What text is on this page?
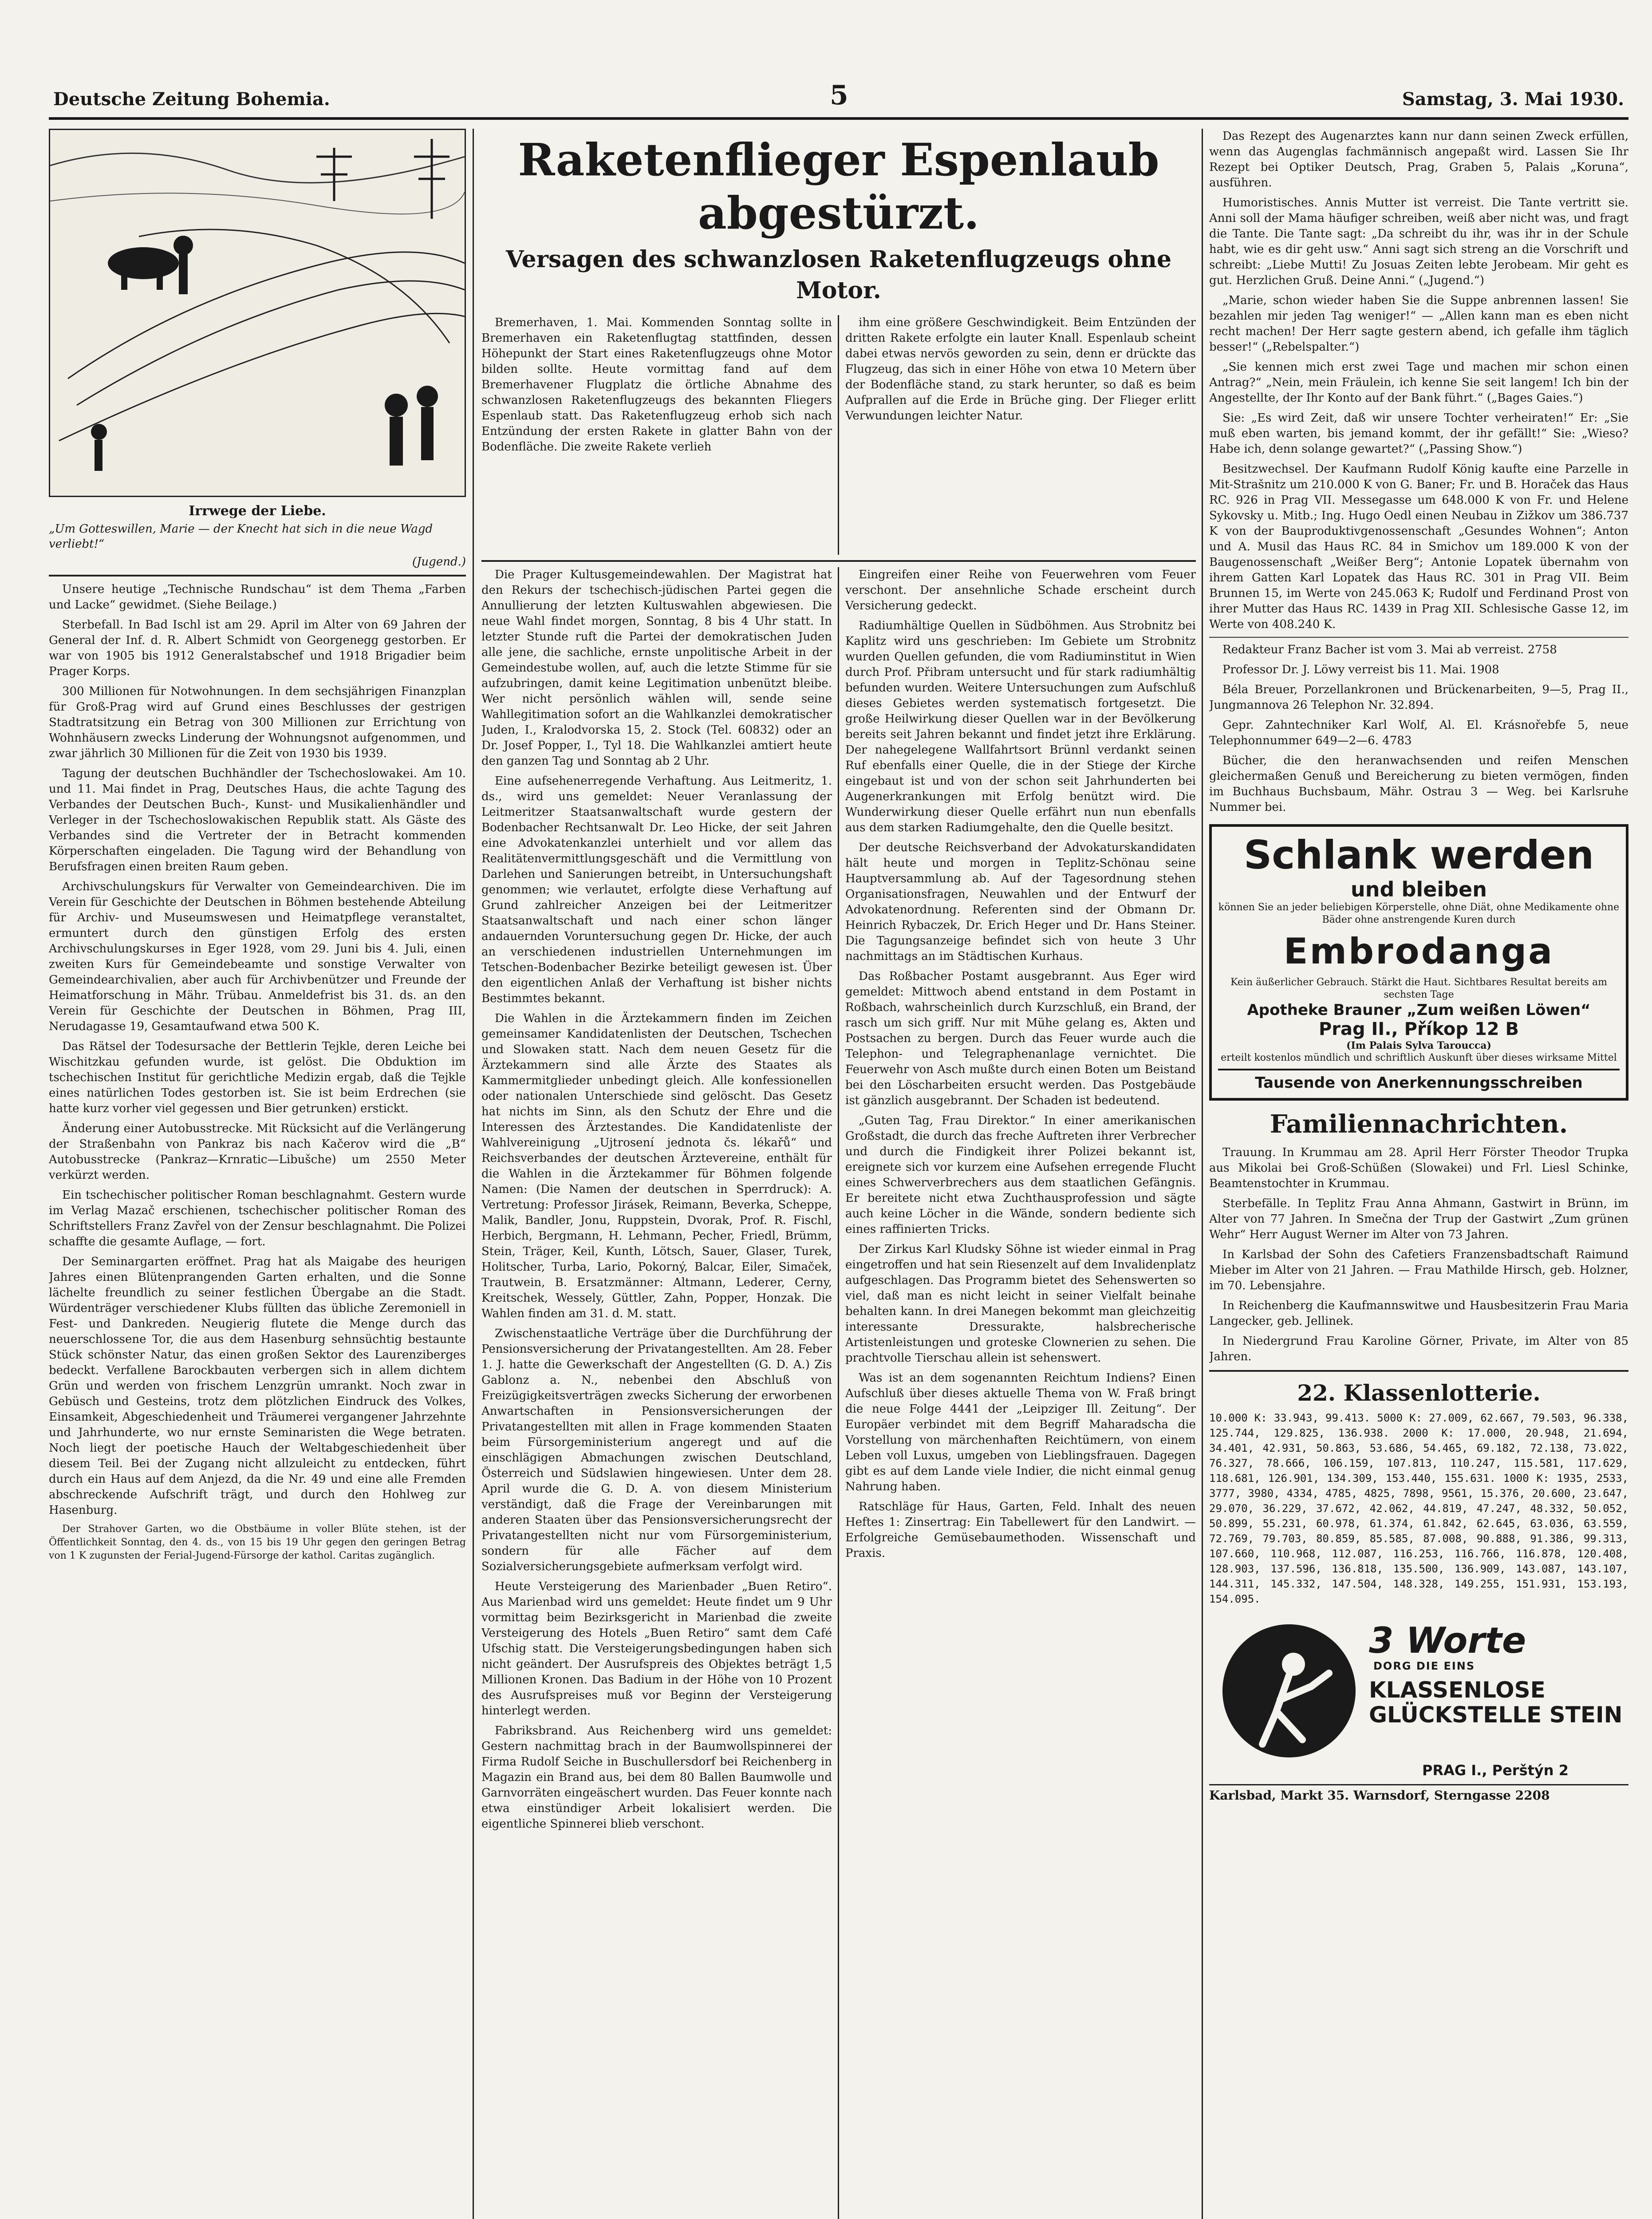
Deutsche Zeitung Bohemia.	5	Samstag, 3. Mai 1930.
Irrwege der Liebe.
„Um Gotteswillen, Marie — der Knecht hat sich in die neue Wagd verliebt!“
(Jugend.)

Unsere heutige „Technische Rundschau“ ist dem Thema „Farben und Lacke“ gewidmet. (Siehe Beilage.)

Sterbefall. In Bad Ischl ist am 29. April im Alter von 69 Jahren der General der Inf. d. R. Albert Schmidt von Georgenegg gestorben. Er war von 1905 bis 1912 Generalstabschef und 1918 Brigadier beim Prager Korps.

300 Millionen für Notwohnungen. In dem sechsjährigen Finanzplan für Groß-Prag wird auf Grund eines Beschlusses der gestrigen Stadtratsitzung ein Betrag von 300 Millionen zur Errichtung von Wohnhäusern zwecks Linderung der Wohnungsnot aufgenommen, und zwar jährlich 30 Millionen für die Zeit von 1930 bis 1939.

Tagung der deutschen Buchhändler der Tschechoslowakei. Am 10. und 11. Mai findet in Prag, Deutsches Haus, die achte Tagung des Verbandes der Deutschen Buch-, Kunst- und Musikalienhändler und Verleger in der Tschechoslowakischen Republik statt. Als Gäste des Verbandes sind die Vertreter der in Betracht kommenden Körperschaften eingeladen. Die Tagung wird der Behandlung von Berufsfragen einen breiten Raum geben.

Archivschulungskurs für Verwalter von Gemeindearchiven. Die im Verein für Geschichte der Deutschen in Böhmen bestehende Abteilung für Archiv- und Museumswesen und Heimatpflege veranstaltet, ermuntert durch den günstigen Erfolg des ersten Archivschulungskurses in Eger 1928, vom 29. Juni bis 4. Juli, einen zweiten Kurs für Gemeindebeamte und sonstige Verwalter von Gemeindearchivalien, aber auch für Archivbenützer und Freunde der Heimatforschung in Mähr. Trübau. Anmeldefrist bis 31. ds. an den Verein für Geschichte der Deutschen in Böhmen, Prag III, Nerudagasse 19, Gesamtaufwand etwa 500 K.

Das Rätsel der Todesursache der Bettlerin Tejkle, deren Leiche bei Wischitzkau gefunden wurde, ist gelöst. Die Obduktion im tschechischen Institut für gerichtliche Medizin ergab, daß die Tejkle eines natürlichen Todes gestorben ist. Sie ist beim Erdrechen (sie hatte kurz vorher viel gegessen und Bier getrunken) erstickt.

Änderung einer Autobusstrecke. Mit Rücksicht auf die Verlängerung der Straßenbahn von Pankraz bis nach Kačerov wird die „B“ Autobusstrecke (Pankraz—Krnratic—Libušche) um 2550 Meter verkürzt werden.

Ein tschechischer politischer Roman beschlagnahmt. Gestern wurde im Verlag Mazač erschienen, tschechischer politischer Roman des Schriftstellers Franz Zavřel von der Zensur beschlagnahmt. Die Polizei schaffte die gesamte Auflage, — fort.

Der Seminargarten eröffnet. Prag hat als Maigabe des heurigen Jahres einen Blütenprangenden Garten erhalten, und die Sonne lächelte freundlich zu seiner festlichen Übergabe an die Stadt. Würdenträger verschiedener Klubs füllten das übliche Zeremoniell in Fest- und Dankreden. Neugierig flutete die Menge durch das neuerschlossene Tor, die aus dem Hasenburg sehnsüchtig bestaunte Stück schönster Natur, das einen großen Sektor des Laurenziberges bedeckt. Verfallene Barockbauten verbergen sich in allem dichtem Grün und werden von frischem Lenzgrün umrankt. Noch zwar in Gebüsch und Gesteins, trotz dem plötzlichen Eindruck des Volkes, Einsamkeit, Abgeschiedenheit und Träumerei vergangener Jahrzehnte und Jahrhunderte, wo nur ernste Seminaristen die Wege betraten. Noch liegt der poetische Hauch der Weltabgeschiedenheit über diesem Teil. Bei der Zugang nicht allzuleicht zu entdecken, führt durch ein Haus auf dem Anjezd, da die Nr. 49 und eine alle Fremden abschreckende Aufschrift trägt, und durch den Hohlweg zur Hasenburg.

Der Strahover Garten, wo die Obstbäume in voller Blüte stehen, ist der Öffentlichkeit Sonntag, den 4. ds., von 15 bis 19 Uhr gegen den geringen Betrag von 1 K zugunsten der Ferial-Jugend-Fürsorge der kathol. Caritas zugänglich.

Raketenflieger Espenlaub abgestürzt.
Versagen des schwanzlosen Raketenflugzeugs ohne Motor.

Bremerhaven, 1. Mai. Kommenden Sonntag sollte in Bremerhaven ein Raketenflugtag stattfinden, dessen Höhepunkt der Start eines Raketenflugzeugs ohne Motor bilden sollte. Heute vormittag fand auf dem Bremerhavener Flugplatz die örtliche Abnahme des schwanzlosen Raketenflugzeugs des bekannten Fliegers Espenlaub statt. Das Raketenflugzeug erhob sich nach Entzündung der ersten Rakete in glatter Bahn von der Bodenfläche. Die zweite Rakete verlieh

ihm eine größere Geschwindigkeit. Beim Entzünden der dritten Rakete erfolgte ein lauter Knall. Espenlaub scheint dabei etwas nervös geworden zu sein, denn er drückte das Flugzeug, das sich in einer Höhe von etwa 10 Metern über der Bodenfläche stand, zu stark herunter, so daß es beim Aufprallen auf die Erde in Brüche ging. Der Flieger erlitt Verwundungen leichter Natur.

Die Prager Kultusgemeindewahlen. Der Magistrat hat den Rekurs der tschechisch-jüdischen Partei gegen die Annullierung der letzten Kultuswahlen abgewiesen. Die neue Wahl findet morgen, Sonntag, 8 bis 4 Uhr statt. In letzter Stunde ruft die Partei der demokratischen Juden alle jene, die sachliche, ernste unpolitische Arbeit in der Gemeindestube wollen, auf, auch die letzte Stimme für sie aufzubringen, damit keine Legitimation unbenützt bleibe. Wer nicht persönlich wählen will, sende seine Wahllegitimation sofort an die Wahlkanzlei demokratischer Juden, I., Kralodvorska 15, 2. Stock (Tel. 60832) oder an Dr. Josef Popper, I., Tyl 18. Die Wahlkanzlei amtiert heute den ganzen Tag und Sonntag ab 2 Uhr.

Eine aufsehenerregende Verhaftung. Aus Leitmeritz, 1. ds., wird uns gemeldet: Neuer Veranlassung der Leitmeritzer Staatsanwaltschaft wurde gestern der Bodenbacher Rechtsanwalt Dr. Leo Hicke, der seit Jahren eine Advokatenkanzlei unterhielt und vor allem das Realitätenvermittlungsgeschäft und die Vermittlung von Darlehen und Sanierungen betreibt, in Untersuchungshaft genommen; wie verlautet, erfolgte diese Verhaftung auf Grund zahlreicher Anzeigen bei der Leitmeritzer Staatsanwaltschaft und nach einer schon länger andauernden Voruntersuchung gegen Dr. Hicke, der auch an verschiedenen industriellen Unternehmungen im Tetschen-Bodenbacher Bezirke beteiligt gewesen ist. Über den eigentlichen Anlaß der Verhaftung ist bisher nichts Bestimmtes bekannt.

Die Wahlen in die Ärztekammern finden im Zeichen gemeinsamer Kandidatenlisten der Deutschen, Tschechen und Slowaken statt. Nach dem neuen Gesetz für die Ärztekammern sind alle Ärzte des Staates als Kammermitglieder unbedingt gleich. Alle konfessionellen oder nationalen Unterschiede sind gelöscht. Das Gesetz hat nichts im Sinn, als den Schutz der Ehre und die Interessen des Ärztestandes. Die Kandidatenliste der Wahlvereinigung „Ujtrosení jednota čs. lékařů“ und Reichsverbandes der deutschen Ärztevereine, enthält für die Wahlen in die Ärztekammer für Böhmen folgende Namen: (Die Namen der deutschen in Sperrdruck): A. Vertretung: Professor Jirásek, Reimann, Beverka, Scheppe, Malik, Bandler, Jonu, Ruppstein, Dvorak, Prof. R. Fischl, Herbich, Bergmann, H. Lehmann, Pecher, Friedl, Brümm, Stein, Träger, Keil, Kunth, Lötsch, Sauer, Glaser, Turek, Holitscher, Turba, Lario, Pokorný, Balcar, Eiler, Simaček, Trautwein, B. Ersatzmänner: Altmann, Lederer, Cerny, Kreitschek, Wessely, Güttler, Zahn, Popper, Honzak. Die Wahlen finden am 31. d. M. statt.

Zwischenstaatliche Verträge über die Durchführung der Pensionsversicherung der Privatangestellten. Am 28. Feber 1. J. hatte die Gewerkschaft der Angestellten (G. D. A.) Zis Gablonz a. N., nebenbei den Abschluß von Freizügigkeitsverträgen zwecks Sicherung der erworbenen Anwartschaften in Pensionsversicherungen der Privatangestellten mit allen in Frage kommenden Staaten beim Fürsorgeministerium angeregt und auf die einschlägigen Abmachungen zwischen Deutschland, Österreich und Südslawien hingewiesen. Unter dem 28. April wurde die G. D. A. von diesem Ministerium verständigt, daß die Frage der Vereinbarungen mit anderen Staaten über das Pensionsversicherungsrecht der Privatangestellten nicht nur vom Fürsorgeministerium, sondern für alle Fächer auf dem Sozialversicherungsgebiete aufmerksam verfolgt wird.

Heute Versteigerung des Marienbader „Buen Retiro“. Aus Marienbad wird uns gemeldet: Heute findet um 9 Uhr vormittag beim Bezirksgericht in Marienbad die zweite Versteigerung des Hotels „Buen Retiro“ samt dem Café Ufschig statt. Die Versteigerungsbedingungen haben sich nicht geändert. Der Ausrufspreis des Objektes beträgt 1,5 Millionen Kronen. Das Badium in der Höhe von 10 Prozent des Ausrufspreises muß vor Beginn der Versteigerung hinterlegt werden.

Fabriksbrand. Aus Reichenberg wird uns gemeldet: Gestern nachmittag brach in der Baumwollspinnerei der Firma Rudolf Seiche in Buschullersdorf bei Reichenberg in Magazin ein Brand aus, bei dem 80 Ballen Baumwolle und Garnvorräten eingeäschert wurden. Das Feuer konnte nach etwa einstündiger Arbeit lokalisiert werden. Die eigentliche Spinnerei blieb verschont.

Eingreifen einer Reihe von Feuerwehren vom Feuer verschont. Der ansehnliche Schade erscheint durch Versicherung gedeckt.

Radiumhältige Quellen in Südböhmen. Aus Strobnitz bei Kaplitz wird uns geschrieben: Im Gebiete um Strobnitz wurden Quellen gefunden, die vom Radiuminstitut in Wien durch Prof. Přibram untersucht und für stark radiumhältig befunden wurden. Weitere Untersuchungen zum Aufschluß dieses Gebietes werden systematisch fortgesetzt. Die große Heilwirkung dieser Quellen war in der Bevölkerung bereits seit Jahren bekannt und findet jetzt ihre Erklärung. Der nahegelegene Wallfahrtsort Brünnl verdankt seinen Ruf ebenfalls einer Quelle, die in der Stiege der Kirche eingebaut ist und von der schon seit Jahrhunderten bei Augenerkrankungen mit Erfolg benützt wird. Die Wunderwirkung dieser Quelle erfährt nun nun ebenfalls aus dem starken Radiumgehalte, den die Quelle besitzt.

Der deutsche Reichsverband der Advokaturskandidaten hält heute und morgen in Teplitz-Schönau seine Hauptversammlung ab. Auf der Tagesordnung stehen Organisationsfragen, Neuwahlen und der Entwurf der Advokatenordnung. Referenten sind der Obmann Dr. Heinrich Rybaczek, Dr. Erich Heger und Dr. Hans Steiner. Die Tagungsanzeige befindet sich von heute 3 Uhr nachmittags an im Städtischen Kurhaus.

Das Roßbacher Postamt ausgebrannt. Aus Eger wird gemeldet: Mittwoch abend entstand in dem Postamt in Roßbach, wahrscheinlich durch Kurzschluß, ein Brand, der rasch um sich griff. Nur mit Mühe gelang es, Akten und Postsachen zu bergen. Durch das Feuer wurde auch die Telephon- und Telegraphenanlage vernichtet. Die Feuerwehr von Asch mußte durch einen Boten um Beistand bei den Löscharbeiten ersucht werden. Das Postgebäude ist gänzlich ausgebrannt. Der Schaden ist bedeutend.

„Guten Tag, Frau Direktor.“ In einer amerikanischen Großstadt, die durch das freche Auftreten ihrer Verbrecher und durch die Findigkeit ihrer Polizei bekannt ist, ereignete sich vor kurzem eine Aufsehen erregende Flucht eines Schwerverbrechers aus dem staatlichen Gefängnis. Er bereitete nicht etwa Zuchthausprofession und sägte auch keine Löcher in die Wände, sondern bediente sich eines raffinierten Tricks.

Der Zirkus Karl Kludsky Söhne ist wieder einmal in Prag eingetroffen und hat sein Riesenzelt auf dem Invalidenplatz aufgeschlagen. Das Programm bietet des Sehenswerten so viel, daß man es nicht leicht in seiner Vielfalt beinahe behalten kann. In drei Manegen bekommt man gleichzeitig interessante Dressurakte, halsbrecherische Artistenleistungen und groteske Clownerien zu sehen. Die prachtvolle Tierschau allein ist sehenswert.

Was ist an dem sogenannten Reichtum Indiens? Einen Aufschluß über dieses aktuelle Thema von W. Fraß bringt die neue Folge 4441 der „Leipziger Ill. Zeitung“. Der Europäer verbindet mit dem Begriff Maharadscha die Vorstellung von märchenhaften Reichtümern, von einem Leben voll Luxus, umgeben von Lieblingsfrauen. Dagegen gibt es auf dem Lande viele Indier, die nicht einmal genug Nahrung haben.

Ratschläge für Haus, Garten, Feld. Inhalt des neuen Heftes 1: Zinsertrag: Ein Tabellewert für den Landwirt. — Erfolgreiche Gemüsebaumethoden. Wissenschaft und Praxis.

Das Rezept des Augenarztes kann nur dann seinen Zweck erfüllen, wenn das Augenglas fachmännisch angepaßt wird. Lassen Sie Ihr Rezept bei Optiker Deutsch, Prag, Graben 5, Palais „Koruna“, ausführen.

Humoristisches. Annis Mutter ist verreist. Die Tante vertritt sie. Anni soll der Mama häufiger schreiben, weiß aber nicht was, und fragt die Tante. Die Tante sagt: „Da schreibt du ihr, was ihr in der Schule habt, wie es dir geht usw.“ Anni sagt sich streng an die Vorschrift und schreibt: „Liebe Mutti! Zu Josuas Zeiten lebte Jerobeam. Mir geht es gut. Herzlichen Gruß. Deine Anni.“ („Jugend.“)

„Marie, schon wieder haben Sie die Suppe anbrennen lassen! Sie bezahlen mir jeden Tag weniger!“ — „Allen kann man es eben nicht recht machen! Der Herr sagte gestern abend, ich gefalle ihm täglich besser!“ („Rebelspalter.“)

„Sie kennen mich erst zwei Tage und machen mir schon einen Antrag?“ „Nein, mein Fräulein, ich kenne Sie seit langem! Ich bin der Angestellte, der Ihr Konto auf der Bank führt.“ („Bages Gaies.“)

Sie: „Es wird Zeit, daß wir unsere Tochter verheiraten!“ Er: „Sie muß eben warten, bis jemand kommt, der ihr gefällt!“ Sie: „Wieso? Habe ich, denn solange gewartet?“ („Passing Show.“)

Besitzwechsel. Der Kaufmann Rudolf König kaufte eine Parzelle in Mit-Strašnitz um 210.000 K von G. Baner; Fr. und B. Horaček das Haus RC. 926 in Prag VII. Messegasse um 648.000 K von Fr. und Helene Sykovsky u. Mitb.; Ing. Hugo Oedl einen Neubau in Zižkov um 386.737 K von der Bauproduktivgenossenschaft „Gesundes Wohnen“; Anton und A. Musil das Haus RC. 84 in Smichov um 189.000 K von der Baugenossenschaft „Weißer Berg“; Antonie Lopatek übernahm von ihrem Gatten Karl Lopatek das Haus RC. 301 in Prag VII. Beim Brunnen 15, im Werte von 245.063 K; Rudolf und Ferdinand Prost von ihrer Mutter das Haus RC. 1439 in Prag XII. Schlesische Gasse 12, im Werte von 408.240 K.

Redakteur Franz Bacher ist vom 3. Mai ab verreist. 2758

Professor Dr. J. Löwy verreist bis 11. Mai. 1908

Béla Breuer, Porzellankronen und Brückenarbeiten, 9—5, Prag II., Jungmannova 26 Telephon Nr. 32.894.

Gepr. Zahntechniker Karl Wolf, Al. El. Krásnořebfe 5, neue Telephonnummer 649—2—6. 4783

Bücher, die den heranwachsenden und reifen Menschen gleichermaßen Genuß und Bereicherung zu bieten vermögen, finden im Buchhaus Buchsbaum, Mähr. Ostrau 3 — Weg. bei Karlsruhe Nummer bei.

Schlank werden
und bleiben
können Sie an jeder beliebigen Körperstelle, ohne Diät, ohne Medikamente ohne Bäder ohne anstrengende Kuren durch
Embrodanga
Kein äußerlicher Gebrauch. Stärkt die Haut. Sichtbares Resultat bereits am sechsten Tage
Apotheke Brauner „Zum weißen Löwen“
Prag II., Příkop 12 B
(Im Palais Sylva Taroucca)
erteilt kostenlos mündlich und schriftlich Auskunft über dieses wirksame Mittel
Tausende von Anerkennungsschreiben
Familiennachrichten.

Trauung. In Krummau am 28. April Herr Förster Theodor Trupka aus Mikolai bei Groß-Schüßen (Slowakei) und Frl. Liesl Schinke, Beamtenstochter in Krummau.

Sterbefälle. In Teplitz Frau Anna Ahmann, Gastwirt in Brünn, im Alter von 77 Jahren. In Smečna der Trup der Gastwirt „Zum grünen Wehr“ Herr August Werner im Alter von 73 Jahren.

In Karlsbad der Sohn des Cafetiers Franzensbadtschaft Raimund Mieber im Alter von 21 Jahren. — Frau Mathilde Hirsch, geb. Holzner, im 70. Lebensjahre.

In Reichenberg die Kaufmannswitwe und Hausbesitzerin Frau Maria Langecker, geb. Jellinek.

In Niedergrund Frau Karoline Görner, Private, im Alter von 85 Jahren.

22. Klassenlotterie.

10.000 K: 33.943, 99.413. 5000 K: 27.009, 62.667, 79.503, 96.338, 125.744, 129.825, 136.938. 2000 K: 17.000, 20.948, 21.694, 34.401, 42.931, 50.863, 53.686, 54.465, 69.182, 72.138, 73.022, 76.327, 78.666, 106.159, 107.813, 110.247, 115.581, 117.629, 118.681, 126.901, 134.309, 153.440, 155.631. 1000 K: 1935, 2533, 3777, 3980, 4334, 4785, 4825, 7898, 9561, 15.376, 20.600, 23.647, 29.070, 36.229, 37.672, 42.062, 44.819, 47.247, 48.332, 50.052, 50.899, 55.231, 60.978, 61.374, 61.842, 62.645, 63.036, 63.559, 72.769, 79.703, 80.859, 85.585, 87.008, 90.888, 91.386, 99.313, 107.660, 110.968, 112.087, 116.253, 116.766, 116.878, 120.408, 128.903, 137.596, 136.818, 135.500, 136.909, 143.087, 143.107, 144.311, 145.332, 147.504, 148.328, 149.255, 151.931, 153.193, 154.095.

3 Worte
DORG DIE EINS
KLASSENLOSE GLÜCKSTELLE STEIN
PRAG I., Perštýn 2
Karlsbad, Markt 35. Warnsdorf, Sterngasse 2208
